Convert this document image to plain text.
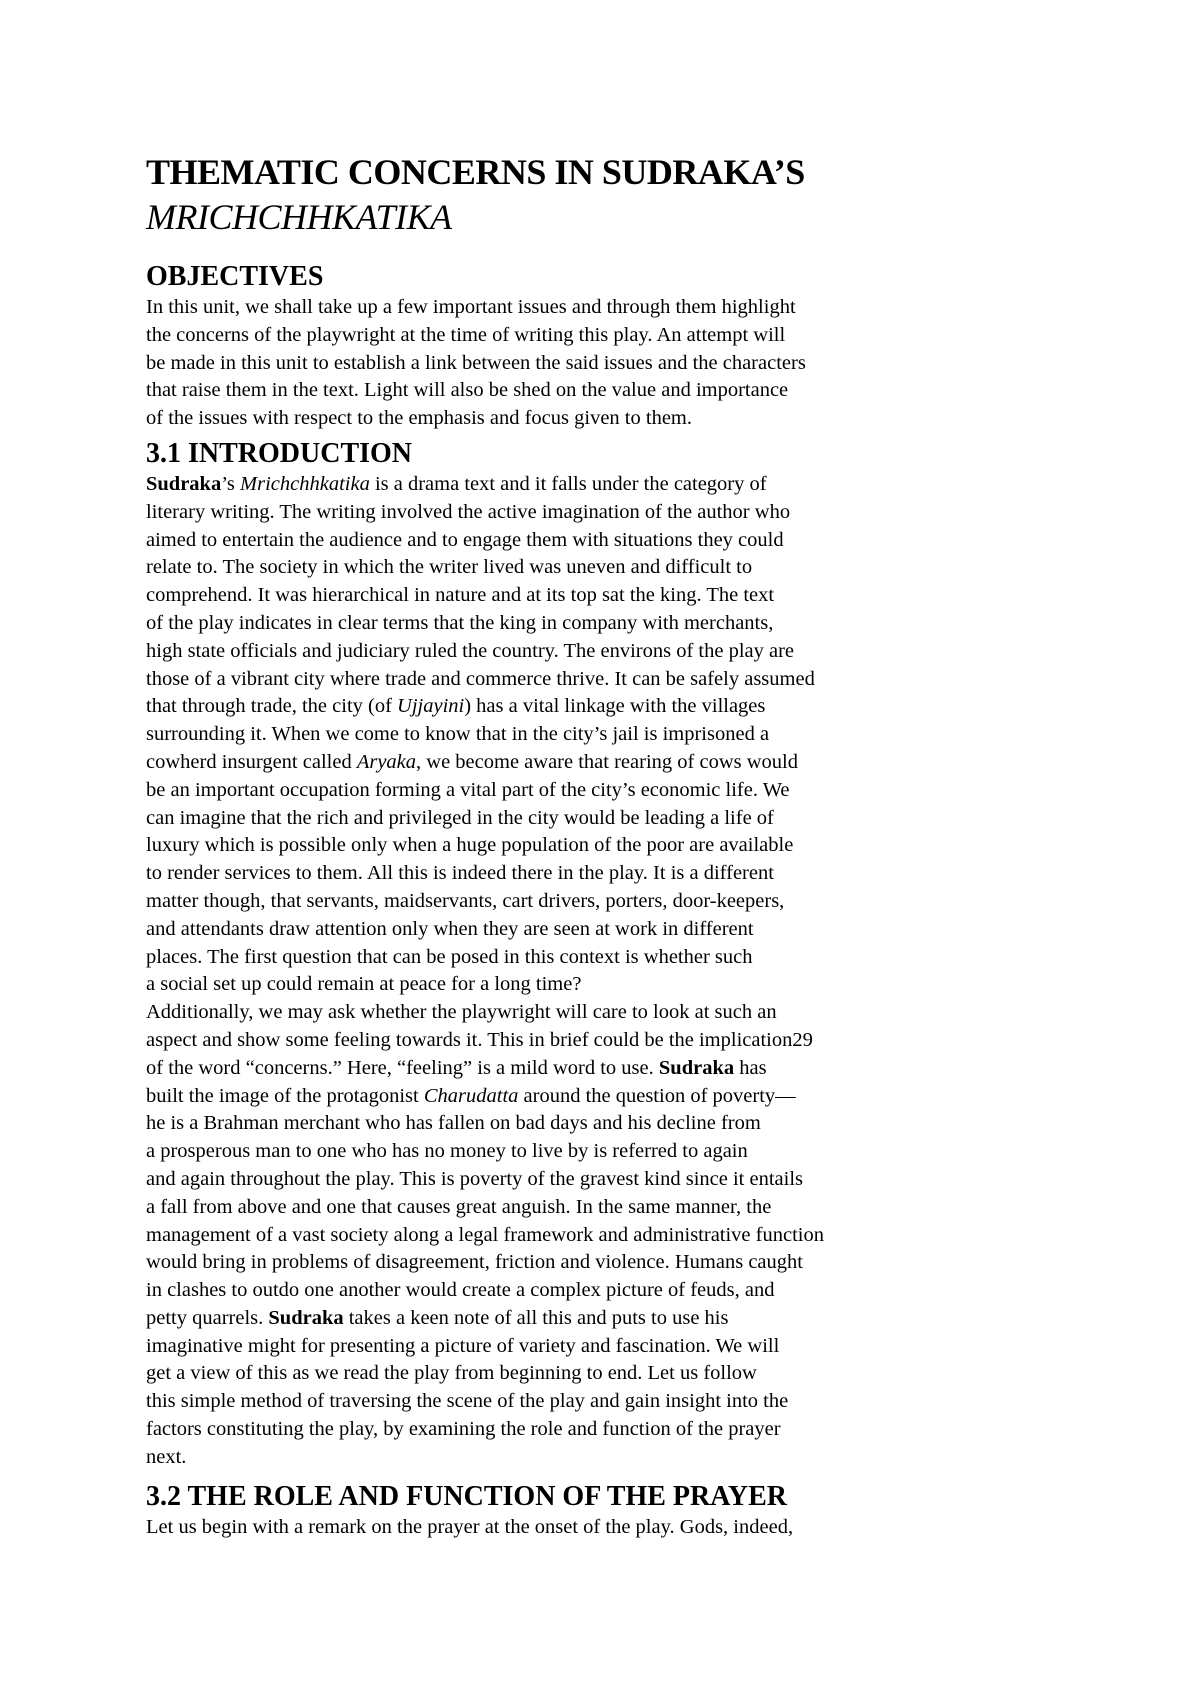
THEMATIC CONCERNS IN SUDRAKA’S
MRICHCHHKATIKA
OBJECTIVES
In this unit, we shall take up a few important issues and through them highlight
the concerns of the playwright at the time of writing this play. An attempt will
be made in this unit to establish a link between the said issues and the characters
that raise them in the text. Light will also be shed on the value and importance
of the issues with respect to the emphasis and focus given to them.
3.1 INTRODUCTION
Sudraka’s Mrichchhkatika is a drama text and it falls under the category of
literary writing. The writing involved the active imagination of the author who
aimed to entertain the audience and to engage them with situations they could
relate to. The society in which the writer lived was uneven and difficult to
comprehend. It was hierarchical in nature and at its top sat the king. The text
of the play indicates in clear terms that the king in company with merchants,
high state officials and judiciary ruled the country. The environs of the play are
those of a vibrant city where trade and commerce thrive. It can be safely assumed
that through trade, the city (of Ujjayini) has a vital linkage with the villages
surrounding it. When we come to know that in the city’s jail is imprisoned a
cowherd insurgent called Aryaka, we become aware that rearing of cows would
be an important occupation forming a vital part of the city’s economic life. We
can imagine that the rich and privileged in the city would be leading a life of
luxury which is possible only when a huge population of the poor are available
to render services to them. All this is indeed there in the play. It is a different
matter though, that servants, maidservants, cart drivers, porters, door-keepers,
and attendants draw attention only when they are seen at work in different
places. The first question that can be posed in this context is whether such
a social set up could remain at peace for a long time?
Additionally, we may ask whether the playwright will care to look at such an
aspect and show some feeling towards it. This in brief could be the implication29
of the word “concerns.” Here, “feeling” is a mild word to use. Sudraka has
built the image of the protagonist Charudatta around the question of poverty—
he is a Brahman merchant who has fallen on bad days and his decline from
a prosperous man to one who has no money to live by is referred to again
and again throughout the play. This is poverty of the gravest kind since it entails
a fall from above and one that causes great anguish. In the same manner, the
management of a vast society along a legal framework and administrative function
would bring in problems of disagreement, friction and violence. Humans caught
in clashes to outdo one another would create a complex picture of feuds, and
petty quarrels. Sudraka takes a keen note of all this and puts to use his
imaginative might for presenting a picture of variety and fascination. We will
get a view of this as we read the play from beginning to end. Let us follow
this simple method of traversing the scene of the play and gain insight into the
factors constituting the play, by examining the role and function of the prayer
next.
3.2 THE ROLE AND FUNCTION OF THE PRAYER
Let us begin with a remark on the prayer at the onset of the play. Gods, indeed,
